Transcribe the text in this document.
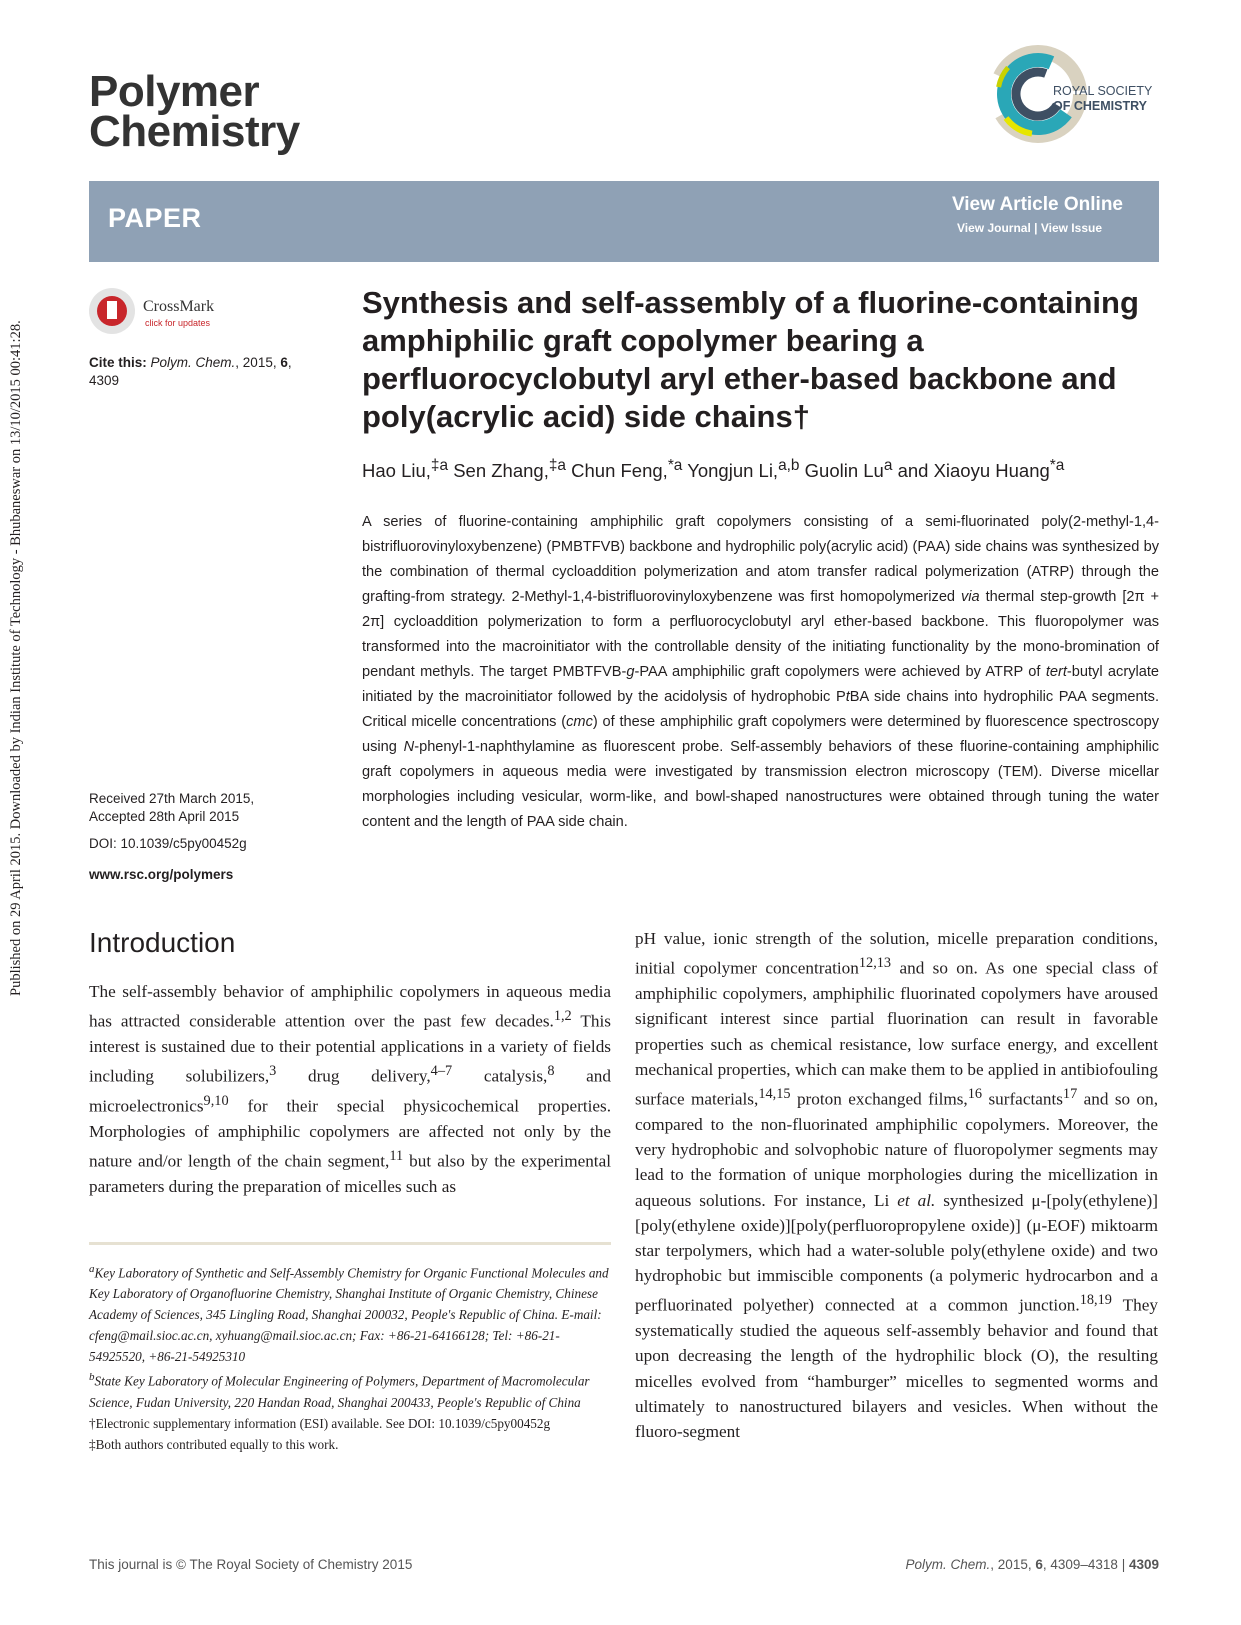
Published on 29 April 2015. Downloaded by Indian Institute of Technology - Bhubaneswar on 13/10/2015 00:41:28.
Polymer
Chemistry
ROYAL SOCIETY
OF CHEMISTRY
PAPER	View Article Online
View Journal | View Issue
CrossMark
click for updates
Cite this: Polym. Chem., 2015, 6,
4309
Received 27th March 2015,
Accepted 28th April 2015
DOI: 10.1039/c5py00452g
www.rsc.org/polymers
Synthesis and self-assembly of a fluorine-containing amphiphilic graft copolymer bearing a perfluorocyclobutyl aryl ether-based backbone and poly(acrylic acid) side chains†
Hao Liu,$^{\ddagger a}$ Sen Zhang,$^{\ddagger a}$ Chun Feng,$^{*a}$ Yongjun Li,$^{a,b}$ Guolin Lu$^a$ and Xiaoyu Huang$^{*a}$
A series of fluorine-containing amphiphilic graft copolymers consisting of a semi-fluorinated poly(2-methyl-1,4-bistrifluorovinyloxybenzene) (PMBTFVB) backbone and hydrophilic poly(acrylic acid) (PAA) side chains was synthesized by the combination of thermal cycloaddition polymerization and atom transfer radical polymerization (ATRP) through the grafting-from strategy. 2-Methyl-1,4-bistrifluorovinyloxybenzene was first homopolymerized via thermal step-growth [2π + 2π] cycloaddition polymerization to form a perfluorocyclobutyl aryl ether-based backbone. This fluoropolymer was transformed into the macroinitiator with the controllable density of the initiating functionality by the mono-bromination of pendant methyls. The target PMBTFVB-g-PAA amphiphilic graft copolymers were achieved by ATRP of tert-butyl acrylate initiated by the macroinitiator followed by the acidolysis of hydrophobic PtBA side chains into hydrophilic PAA segments. Critical micelle concentrations (cmc) of these amphiphilic graft copolymers were determined by fluorescence spectroscopy using N-phenyl-1-naphthylamine as fluorescent probe. Self-assembly behaviors of these fluorine-containing amphiphilic graft copolymers in aqueous media were investigated by transmission electron microscopy (TEM). Diverse micellar morphologies including vesicular, worm-like, and bowl-shaped nanostructures were obtained through tuning the water content and the length of PAA side chain.
Introduction
The self-assembly behavior of amphiphilic copolymers in aqueous media has attracted considerable attention over the past few decades.$^{1,2}$ This interest is sustained due to their potential applications in a variety of fields including solubilizers,$^3$ drug delivery,$^{4-7}$ catalysis,$^8$ and microelectronics$^{9,10}$ for their special physicochemical properties. Morphologies of amphiphilic copolymers are affected not only by the nature and/or length of the chain segment,$^{11}$ but also by the experimental parameters during the preparation of micelles such as
pH value, ionic strength of the solution, micelle preparation conditions, initial copolymer concentration$^{12,13}$ and so on. As one special class of amphiphilic copolymers, amphiphilic fluorinated copolymers have aroused significant interest since partial fluorination can result in favorable properties such as chemical resistance, low surface energy, and excellent mechanical properties, which can make them to be applied in antibiofouling surface materials,$^{14,15}$ proton exchanged films,$^{16}$ surfactants$^{17}$ and so on, compared to the non-fluorinated amphiphilic copolymers. Moreover, the very hydrophobic and solvophobic nature of fluoropolymer segments may lead to the formation of unique morphologies during the micellization in aqueous solutions. For instance, Li et al. synthesized μ-[poly(ethylene)][poly(ethylene oxide)][poly(perfluoropropylene oxide)] (μ-EOF) miktoarm star terpolymers, which had a water-soluble poly(ethylene oxide) and two hydrophobic but immiscible components (a polymeric hydrocarbon and a perfluorinated polyether) connected at a common junction.$^{18,19}$ They systematically studied the aqueous self-assembly behavior and found that upon decreasing the length of the hydrophilic block (O), the resulting micelles evolved from “hamburger” micelles to segmented worms and ultimately to nanostructured bilayers and vesicles. When without the fluoro-segment

$^a$Key Laboratory of Synthetic and Self-Assembly Chemistry for Organic Functional Molecules and Key Laboratory of Organofluorine Chemistry, Shanghai Institute of Organic Chemistry, Chinese Academy of Sciences, 345 Lingling Road, Shanghai 200032, People's Republic of China. E-mail: cfeng@mail.sioc.ac.cn, xyhuang@mail.sioc.ac.cn; Fax: +86-21-64166128; Tel: +86-21-54925520, +86-21-54925310

$^b$State Key Laboratory of Molecular Engineering of Polymers, Department of Macromolecular Science, Fudan University, 220 Handan Road, Shanghai 200433, People's Republic of China

†Electronic supplementary information (ESI) available. See DOI: 10.1039/c5py00452g

‡Both authors contributed equally to this work.

This journal is © The Royal Society of Chemistry 2015	Polym. Chem., 2015, 6, 4309–4318 | 4309
